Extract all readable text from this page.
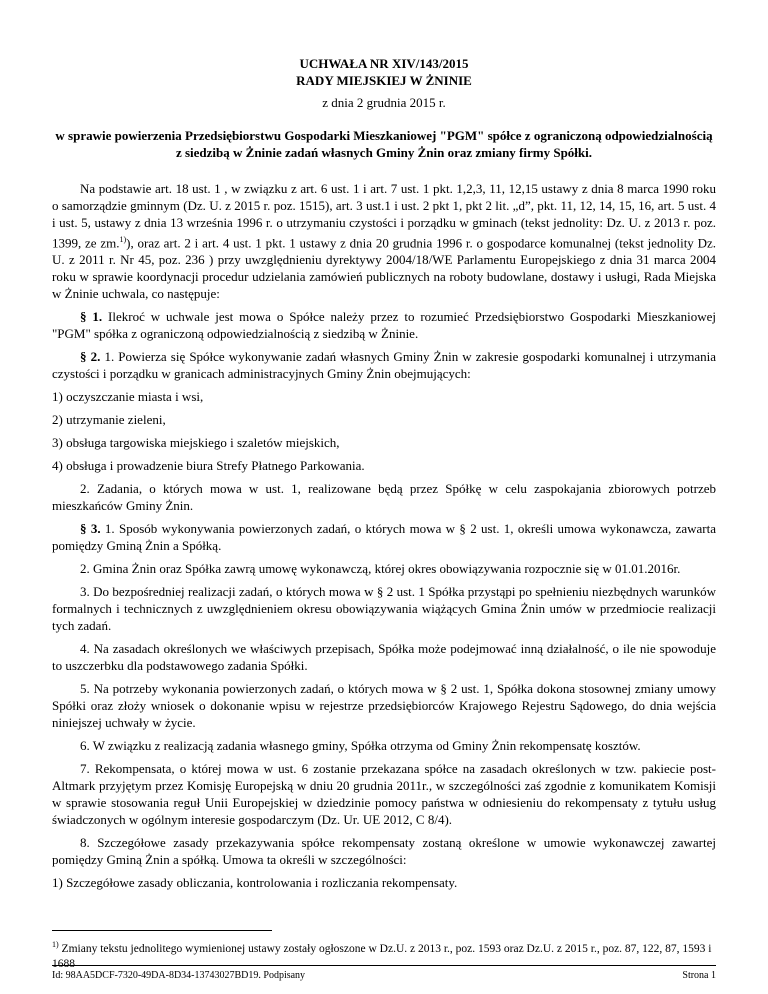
UCHWAŁA NR XIV/143/2015
RADY MIEJSKIEJ W ŻNINIE
z dnia 2 grudnia 2015 r.
w sprawie powierzenia Przedsiębiorstwu Gospodarki Mieszkaniowej "PGM" spółce z ograniczoną odpowiedzialnością z siedzibą w Żninie zadań własnych Gminy Żnin oraz zmiany firmy Spółki.

Na podstawie art. 18 ust. 1 , w związku z art. 6 ust. 1 i art. 7 ust. 1 pkt. 1,2,3, 11, 12,15 ustawy z dnia 8 marca 1990 roku o samorządzie gminnym (Dz. U. z 2015 r. poz. 1515), art. 3 ust.1 i ust. 2 pkt 1, pkt 2 lit. „d”, pkt. 11, 12, 14, 15, 16, art. 5 ust. 4 i ust. 5, ustawy z dnia 13 września 1996 r. o utrzymaniu czystości i porządku w gminach (tekst jednolity: Dz. U. z 2013 r. poz. 1399, ze zm.$^{1)}$), oraz art. 2 i art. 4 ust. 1 pkt. 1 ustawy z dnia 20 grudnia 1996 r. o gospodarce komunalnej (tekst jednolity Dz. U. z 2011 r. Nr 45, poz. 236 ) przy uwzględnieniu dyrektywy 2004/18/WE Parlamentu Europejskiego z dnia 31 marca 2004 roku w sprawie koordynacji procedur udzielania zamówień publicznych na roboty budowlane, dostawy i usługi, Rada Miejska w Żninie uchwala, co następuje:

§ 1. Ilekroć w uchwale jest mowa o Spółce należy przez to rozumieć Przedsiębiorstwo Gospodarki Mieszkaniowej "PGM" spółka z ograniczoną odpowiedzialnością z siedzibą w Żninie.

§ 2. 1. Powierza się Spółce wykonywanie zadań własnych Gminy Żnin w zakresie gospodarki komunalnej i utrzymania czystości i porządku w granicach administracyjnych Gminy Żnin obejmujących:

1) oczyszczanie miasta i wsi,

2) utrzymanie zieleni,

3) obsługa targowiska miejskiego i szaletów miejskich,

4) obsługa i prowadzenie biura Strefy Płatnego Parkowania.

2. Zadania, o których mowa w ust. 1, realizowane będą przez Spółkę w celu zaspokajania zbiorowych potrzeb mieszkańców Gminy Żnin.

§ 3. 1. Sposób wykonywania powierzonych zadań, o których mowa w § 2 ust. 1, określi umowa wykonawcza, zawarta pomiędzy Gminą Żnin a Spółką.

2. Gmina Żnin oraz Spółka zawrą umowę wykonawczą, której okres obowiązywania rozpocznie się w 01.01.2016r.

3. Do bezpośredniej realizacji zadań, o których mowa w § 2 ust. 1 Spółka przystąpi po spełnieniu niezbędnych warunków formalnych i technicznych z uwzględnieniem okresu obowiązywania wiążących Gmina Żnin umów w przedmiocie realizacji tych zadań.

4. Na zasadach określonych we właściwych przepisach, Spółka może podejmować inną działalność, o ile nie spowoduje to uszczerbku dla podstawowego zadania Spółki.

5. Na potrzeby wykonania powierzonych zadań, o których mowa w § 2 ust. 1, Spółka dokona stosownej zmiany umowy Spółki oraz złoży wniosek o dokonanie wpisu w rejestrze przedsiębiorców Krajowego Rejestru Sądowego, do dnia wejścia niniejszej uchwały w życie.

6. W związku z realizacją zadania własnego gminy, Spółka otrzyma od Gminy Żnin rekompensatę kosztów.

7. Rekompensata, o której mowa w ust. 6 zostanie przekazana spółce na zasadach określonych w tzw. pakiecie post-Altmark przyjętym przez Komisję Europejską w dniu 20 grudnia 2011r., w szczególności zaś zgodnie z komunikatem Komisji w sprawie stosowania reguł Unii Europejskiej w dziedzinie pomocy państwa w odniesieniu do rekompensaty z tytułu usług świadczonych w ogólnym interesie gospodarczym (Dz. Ur. UE 2012, C 8/4).

8. Szczegółowe zasady przekazywania spółce rekompensaty zostaną określone w umowie wykonawczej zawartej pomiędzy Gminą Żnin a spółką. Umowa ta określi w szczególności:

1) Szczegółowe zasady obliczania, kontrolowania i rozliczania rekompensaty.

$^{1)}$ Zmiany tekstu jednolitego wymienionej ustawy zostały ogłoszone w Dz.U. z 2013 r., poz. 1593 oraz Dz.U. z 2015 r., poz. 87, 122, 87, 1593 i 1688
Id: 98AA5DCF-7320-49DA-8D34-13743027BD19. Podpisany	Strona 1
